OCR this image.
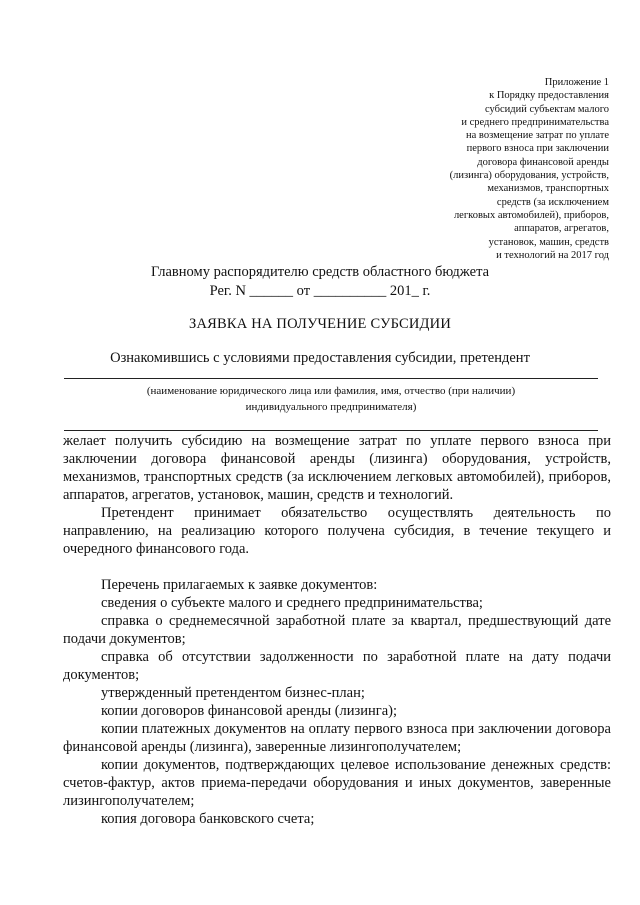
Приложение 1
к Порядку предоставления
субсидий субъектам малого
и среднего предпринимательства
на возмещение затрат по уплате
первого взноса при заключении
договора финансовой аренды
(лизинга) оборудования, устройств,
механизмов, транспортных
средств (за исключением
легковых автомобилей), приборов,
аппаратов, агрегатов,
установок, машин, средств
и технологий на 2017 год
Главному распорядителю средств областного бюджета
Рег. N ______ от __________ 201_ г.
ЗАЯВКА НА ПОЛУЧЕНИЕ СУБСИДИИ
Ознакомившись с условиями предоставления субсидии, претендент
(наименование юридического лица или фамилия, имя, отчество (при наличии)
индивидуального предпринимателя)

желает получить субсидию на возмещение затрат по уплате первого взноса при заключении договора финансовой аренды (лизинга) оборудования, устройств, механизмов, транспортных средств (за исключением легковых автомобилей), приборов, аппаратов, агрегатов, установок, машин, средств и технологий.

Претендент принимает обязательство осуществлять деятельность по направлению, на реализацию которого получена субсидия, в течение текущего и очередного финансового года.

Перечень прилагаемых к заявке документов:

сведения о субъекте малого и среднего предпринимательства;

справка о среднемесячной заработной плате за квартал, предшествующий дате подачи документов;

справка об отсутствии задолженности по заработной плате на дату подачи документов;

утвержденный претендентом бизнес-план;

копии договоров финансовой аренды (лизинга);

копии платежных документов на оплату первого взноса при заключении договора финансовой аренды (лизинга), заверенные лизингополучателем;

копии документов, подтверждающих целевое использование денежных средств: счетов-фактур, актов приема-передачи оборудования и иных документов, заверенные лизингополучателем;

копия договора банковского счета;
